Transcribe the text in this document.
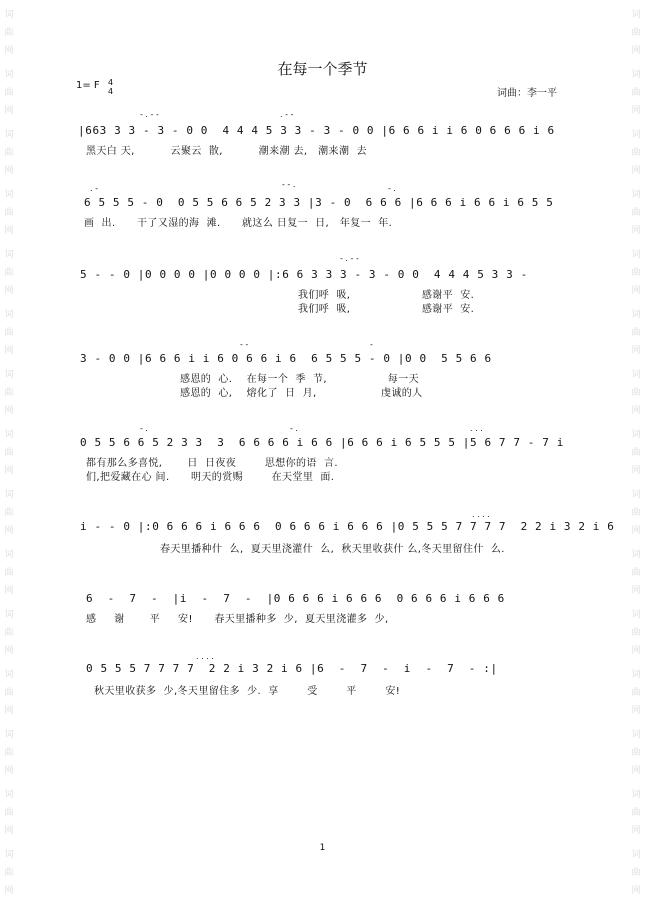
词
曲
网
词
曲
网
词
曲
网
词
曲
网
词
曲
网
词
曲
网
词
曲
网
词
曲
网
词
曲
网
词
曲
网
词
曲
网
词
曲
网
词
曲
网
词
曲
网
词
曲
网
词
曲
网
词
曲
网
词
曲
网
词
曲
网
词
曲
网
词
曲
网
词
曲
网
词
曲
网
词
曲
网
词
曲
网
词
曲
网
词
曲
网
词
曲
网
词
曲
网
词
曲
网
在每一个季节
1= F 4
4	词曲：李一平
|663 3 3 - 3 - 0 0  4 4 4 5 3 3 - 3 - 0 0 |6 6 6 i i 6 0 6 6 6 i 6
黑天白 天,          云聚云  散,          潮来潮 去,   潮来潮  去
- . - -	. - -
6 5 5 5 - 0  0 5 5 6 6 5 2 3 3 |3 - 0  6 6 6 |6 6 6 i 6 6 i 6 5 5
画  出.      干了又湿的海  滩.      就这么 日复一  日,   年复一  年.
. -	- - .	- .
5 - - 0 |0 0 0 0 |0 0 0 0 |:6 6 3 3 3 - 3 - 0 0  4 4 4 5 3 3 -
我们呼  吸,                    感谢平  安.
我们呼  吸,                    感谢平  安.
- . - -
3 - 0 0 |6 6 6 i i 6 0 6 6 i 6  6 5 5 5 - 0 |0 0  5 5 6 6
感恩的  心.    在每一个  季  节,                 每一天
感恩的  心,    熔化了  日  月,                  虔诚的人
- -	-
0 5 5 6 6 5 2 3 3  3  6 6 6 6 i 6 6 |6 6 6 i 6 5 5 5 |5 6 7 7 - 7 i
都有那么多喜悦,       日  日夜夜        思想你的语  言.
们,把爱藏在心 间.      明天的赏赐        在天堂里  面.
- .	- .	. . .
i - - 0 |:0 6 6 6 i 6 6 6  0 6 6 6 i 6 6 6 |0 5 5 5 7 7 7 7  2 2 i 3 2 i 6
春天里播种什  么,  夏天里浇灌什  么,  秋天里收获什 么,冬天里留住什  么.
. . . .
6  -  7  -  |i  -  7  -  |0 6 6 6 i 6 6 6  0 6 6 6 i 6 6 6
感     谢       平     安!      春天里播种多  少,  夏天里浇灌多  少,
0 5 5 5 7 7 7 7  2 2 i 3 2 i 6 |6  -  7  -  i  -  7  - :|
秋天里收获多  少,冬天里留住多  少.  享        受        平        安!
. . . .
1
